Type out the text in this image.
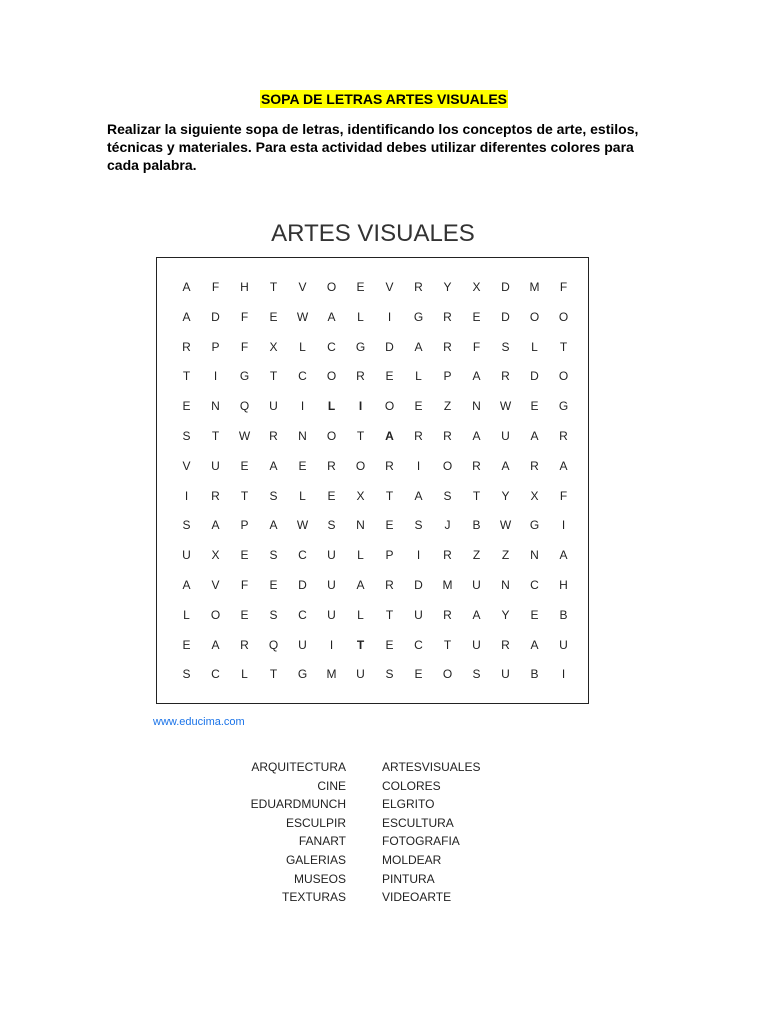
SOPA DE LETRAS ARTES VISUALES
Realizar la siguiente sopa de letras, identificando los conceptos de arte, estilos, técnicas y materiales. Para esta actividad debes utilizar diferentes colores para cada palabra.
ARTES VISUALES
A	F	H	T	V	O	E	V	R	Y	X	D	M	F
A	D	F	E	W	A	L	I	G	R	E	D	O	O
R	P	F	X	L	C	G	D	A	R	F	S	L	T
T	I	G	T	C	O	R	E	L	P	A	R	D	O
E	N	Q	U	I	L	I	O	E	Z	N	W	E	G
S	T	W	R	N	O	T	A	R	R	A	U	A	R
V	U	E	A	E	R	O	R	I	O	R	A	R	A
I	R	T	S	L	E	X	T	A	S	T	Y	X	F
S	A	P	A	W	S	N	E	S	J	B	W	G	I
U	X	E	S	C	U	L	P	I	R	Z	Z	N	A
A	V	F	E	D	U	A	R	D	M	U	N	C	H
L	O	E	S	C	U	L	T	U	R	A	Y	E	B
E	A	R	Q	U	I	T	E	C	T	U	R	A	U
S	C	L	T	G	M	U	S	E	O	S	U	B	I
www.educima.com
ARQUITECTURA
CINE
EDUARDMUNCH
ESCULPIR
FANART
GALERIAS
MUSEOS
TEXTURAS
ARTESVISUALES
COLORES
ELGRITO
ESCULTURA
FOTOGRAFIA
MOLDEAR
PINTURA
VIDEOARTE
